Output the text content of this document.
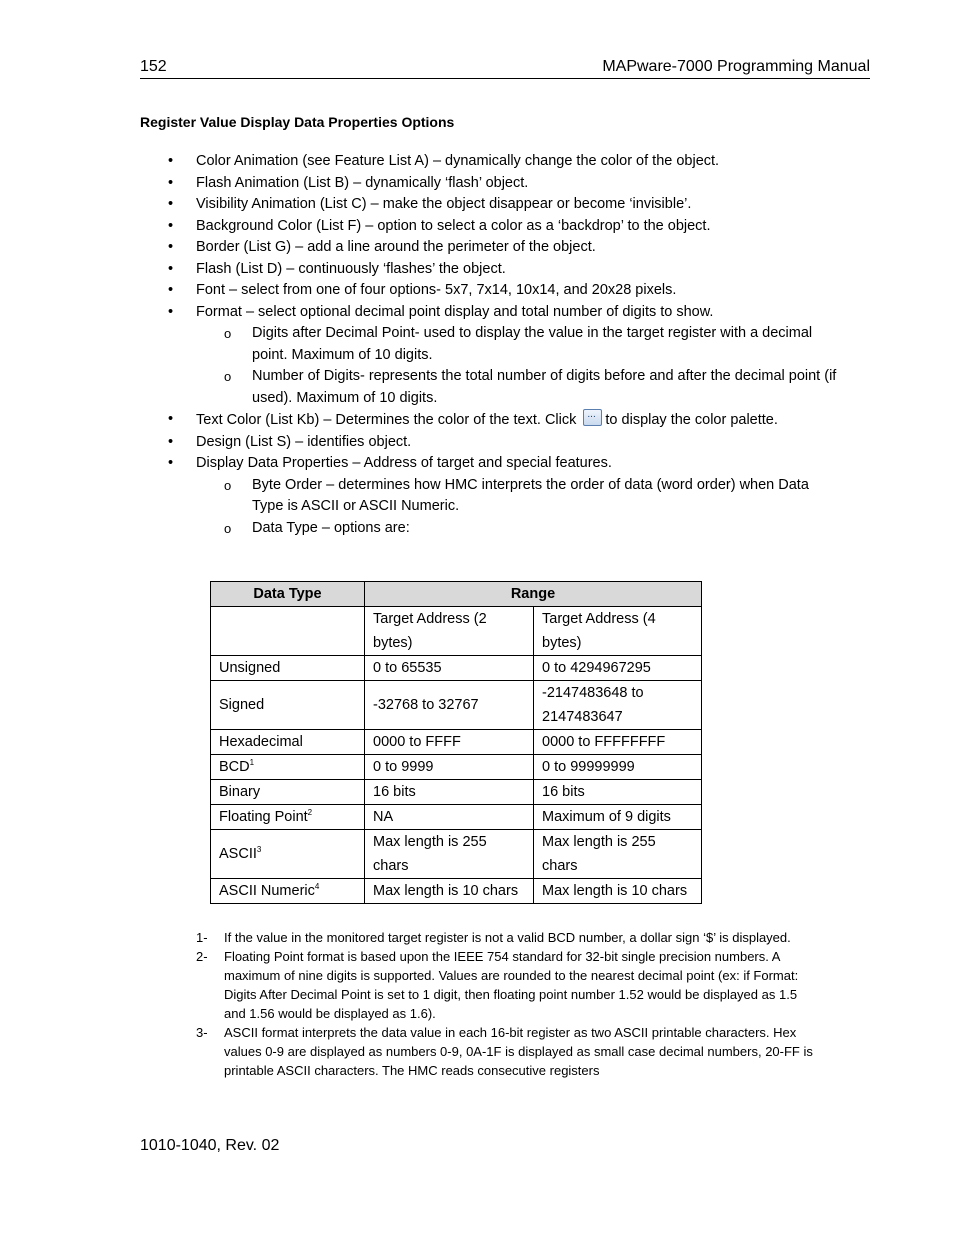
152	MAPware-7000 Programming Manual
Register Value Display Data Properties Options
• Color Animation (see Feature List A) – dynamically change the color of the object.
• Flash Animation (List B) – dynamically ‘flash’ object.
• Visibility Animation (List C) – make the object disappear or become ‘invisible’.
• Background Color (List F) – option to select a color as a ‘backdrop’ to the object.
• Border (List G) – add a line around the perimeter of the object.
• Flash (List D) – continuously ‘flashes’ the object.
• Font – select from one of four options- 5x7, 7x14, 10x14, and 20x28 pixels.
• Format – select optional decimal point display and total number of digits to show.
o Digits after Decimal Point- used to display the value in the target register with a decimal point. Maximum of 10 digits.
o Number of Digits- represents the total number of digits before and after the decimal point (if used). Maximum of 10 digits.
• Text Color (List Kb) – Determines the color of the text. Click ... to display the color palette.
• Design (List S) – identifies object.
• Display Data Properties – Address of target and special features.
o Byte Order – determines how HMC interprets the order of data (word order) when Data Type is ASCII or ASCII Numeric.
o Data Type – options are:
Data Type	Range	
	Target Address (2 bytes)	Target Address (4 bytes)
Unsigned	0 to 65535	0 to 4294967295
Signed	-32768 to 32767	-2147483648 to 2147483647
Hexadecimal	0000 to FFFF	0000 to FFFFFFFF
BCD$^1$	0 to 9999	0 to 99999999
Binary	16 bits	16 bits
Floating Point$^2$	NA	Maximum of 9 digits
ASCII$^3$	Max length is 255 chars	Max length is 255 chars
ASCII Numeric$^4$	Max length is 10 chars	Max length is 10 chars
1- If the value in the monitored target register is not a valid BCD number, a dollar sign ‘$’ is displayed.
2- Floating Point format is based upon the IEEE 754 standard for 32-bit single precision numbers. A maximum of nine digits is supported. Values are rounded to the nearest decimal point (ex: if Format: Digits After Decimal Point is set to 1 digit, then floating point number 1.52 would be displayed as 1.5 and 1.56 would be displayed as 1.6).
3- ASCII format interprets the data value in each 16-bit register as two ASCII printable characters. Hex values 0-9 are displayed as numbers 0-9, 0A-1F is displayed as small case decimal numbers, 20-FF is printable ASCII characters. The HMC reads consecutive registers
1010-1040, Rev. 02
